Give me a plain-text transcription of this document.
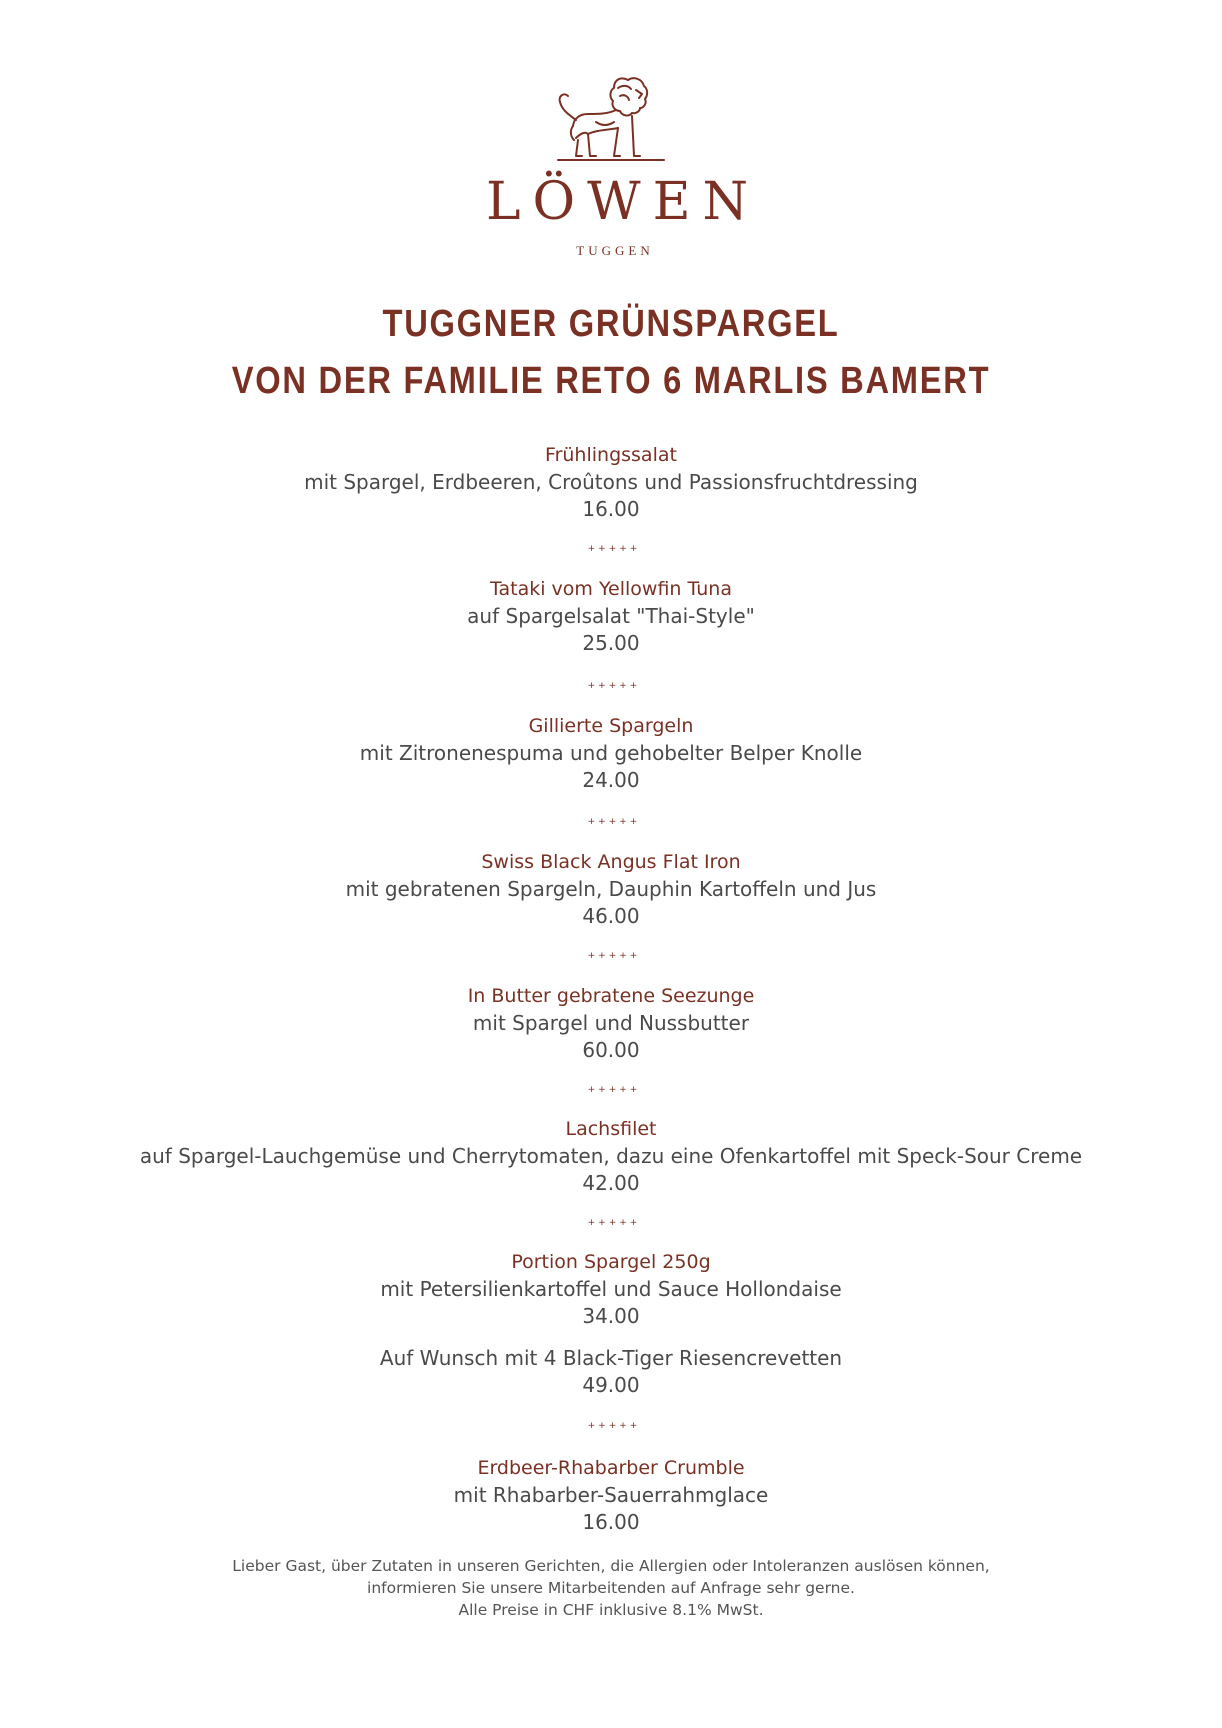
LÖWEN
TUGGEN
TUGGNER GRÜNSPARGEL
VON DER FAMILIE RETO 6 MARLIS BAMERT
Frühlingssalat
mit Spargel, Erdbeeren, Croûtons und Passionsfruchtdressing
16.00
+++++
Tataki vom Yellowfin Tuna
auf Spargelsalat "Thai-Style"
25.00
+++++
Gillierte Spargeln
mit Zitronenespuma und gehobelter Belper Knolle
24.00
+++++
Swiss Black Angus Flat Iron
mit gebratenen Spargeln, Dauphin Kartoffeln und Jus
46.00
+++++
In Butter gebratene Seezunge
mit Spargel und Nussbutter
60.00
+++++
Lachsfilet
auf Spargel-Lauchgemüse und Cherrytomaten, dazu eine Ofenkartoffel mit Speck-Sour Creme
42.00
+++++
Portion Spargel 250g
mit Petersilienkartoffel und Sauce Hollondaise
34.00
Auf Wunsch mit 4 Black-Tiger Riesencrevetten
49.00
+++++
Erdbeer-Rhabarber Crumble
mit Rhabarber-Sauerrahmglace
16.00
Lieber Gast, über Zutaten in unseren Gerichten, die Allergien oder Intoleranzen auslösen können,
informieren Sie unsere Mitarbeitenden auf Anfrage sehr gerne.
Alle Preise in CHF inklusive 8.1% MwSt.
